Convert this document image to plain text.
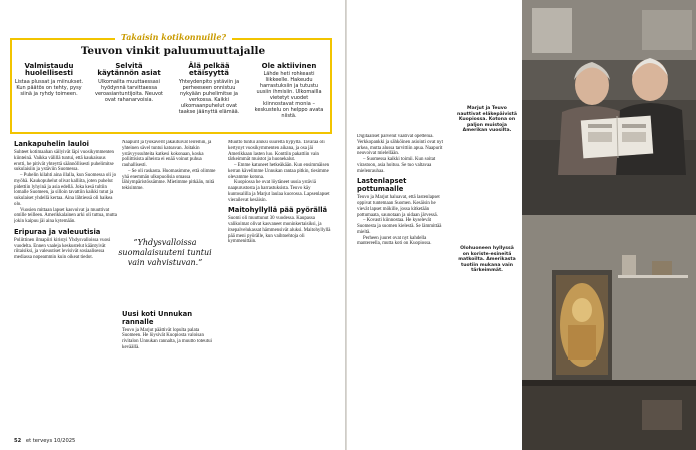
Takaisin kotikonnuille?
Teuvon vinkit paluumuuttajalle
Valmistaudu huolellisesti
Listaa plussat ja miinukset. Kun päätös on tehty, pysy siinä ja ryhdy toimeen.
Selvitä käytännön asiat
Ulkomailta muuttaessasi hyödynnä tarvittaessa veroasiantuntijoita. Neuvot ovat rahanarvoisia.
Älä pelkää etäisyyttä
Yhteydenpito ystäviin ja perheeseen onnistuu nykyään puhelimitse ja verkossa. Kaikki ulkomaanpuhelut ovat taakse jäänyttä elämää.
Ole aktiivinen
Lähde heti rohkeasti liikkeelle. Hakeudu harrastuksiin ja tutustu uusiin ihmisiin. Ulkomailla vietetyt vuodet kiinnostavat monia – keskustelu on helppo avata niistä.
Lankapuhelin lauloi

Suhteet kotimaahan säilyivät läpi vuosikymmenten kiinteinä. Vaikka välillä tuntui, että kaukaisuus erotti, he pitivät yhteyttä säännöllisesti puhelimitse sukulaisiin ja ystäviin Suomessa.

– Puhelin kilahti aina illalla, kun Suomessa oli jo myöhä. Kaukopuhelut olivat kalliita, joten puhelut pidettiin lyhyinä ja asia edellä. Joka kesä tultiin lomalle Suomeen, ja silloin tavattiin kaikki tutut ja sukulaiset yhdellä kertaa. Aina lähtiessä oli haikea olo.

Vuosien mittaan lapset kasvoivat ja muuttivat omille teilleen. Amerikkalainen arki oli tuttua, mutta jokin kaipuu jäi aina kytemään.

Eripuraa ja valeuutisia

Poliittinen ilmapiiri kiristyi Yhdysvalloissa vuosi vuodelta. Ennen vaaleja keskustelut kääntyivät riitaisiksi, ja valeuutiset levisivät sosiaalisessa mediassa nopeammin kuin oikeat tiedot.

Naapurit ja työkaverit jakautuivat leireihin, ja yhteinen sävel tuntui katoavan. Joitakin ystävyyssuhteita katkesi kokonaan, koska poliittisista aiheista ei enää voinut puhua rauhallisesti.

– Se oli raskasta. Huomasimme, että olimme yhä enemmän ulkopuolisia omassa lähiympäristössämme. Mietimme pitkään, mitä tekisimme.

Uusi koti Unnukan rannalle

Teuvo ja Marjut päättivät lopulta palata Suomeen. He löysivät Kuopiosta valoisan rivitalon Unnukan rannalta, ja muutto toteutui keväällä.

”Yhdysvalloissa suomalaisuuteni tuntui vain vahvistuvan.”

Muutto tuntui aluksi suurelta hypyltä. Tavaraa oli kertynyt vuosikymmenten aikana, ja osa jäi Amerikkaan lasten luo. Konttiin pakattiin vain tärkeimmät muistot ja huonekalut.

– Emme katuneet hetkeäkään. Kun ensimmäisen kerran kävelimme Unnukan rantaa pitkin, tiesimme olevamme kotona.

Kuopiossa he ovat löytäneet uusia ystäviä naapurustosta ja harrastuksista. Teuvo käy kuntosalilla ja Marjut laulaa kuorossa. Lapsenlapset vierailevat kesäisin.

Maitohyllyllä pää pyörällä

Suomi oli muuttunut 30 vuodessa. Kaupassa valikoimat olivat kasvaneet moninkertaisiksi, ja itsepalvelukassat hämmensivät aluksi. Maitohyllyllä pää meni pyörälle, kun vaihtoehtoja oli kymmenittäin.

52 et terveys 10/2025

Digitaaliset palvelut vaativat opettelua. Verkkopankki ja sähköinen asiointi ovat nyt arkea, mutta alussa tarvittiin apua. Naapurit neuvoivat mielellään.

– Suomessa kaikki toimii. Kun soitat virastoon, asia hoituu. Se tuo valtavaa mielenrauhaa.

Lastenlapset pottumaalle

Teuvo ja Marjut haluavat, että lastenlapset oppivat tuntemaan Suomen. Kesäisin he vievät lapset mökille, jossa kitketään pottumaata, saunotaan ja uidaan järvessä.

– Kovasti kiinnostaa. He kyselevät Suomesta ja suomen kielestä. Se lämmittää mieltä.

Perheen juuret ovat nyt kahdella mantereella, mutta koti on Kuopiossa.

Marjut ja Teuvo nauttivat eläkepäivistä Kuopiossa. Kotona on paljon muistoja Amerikan vuosilta.
Olohuoneen hyllyssä on koriste-esineitä matkoilta. Amerikasta tuotiin mukana vain tärkeimmät.
